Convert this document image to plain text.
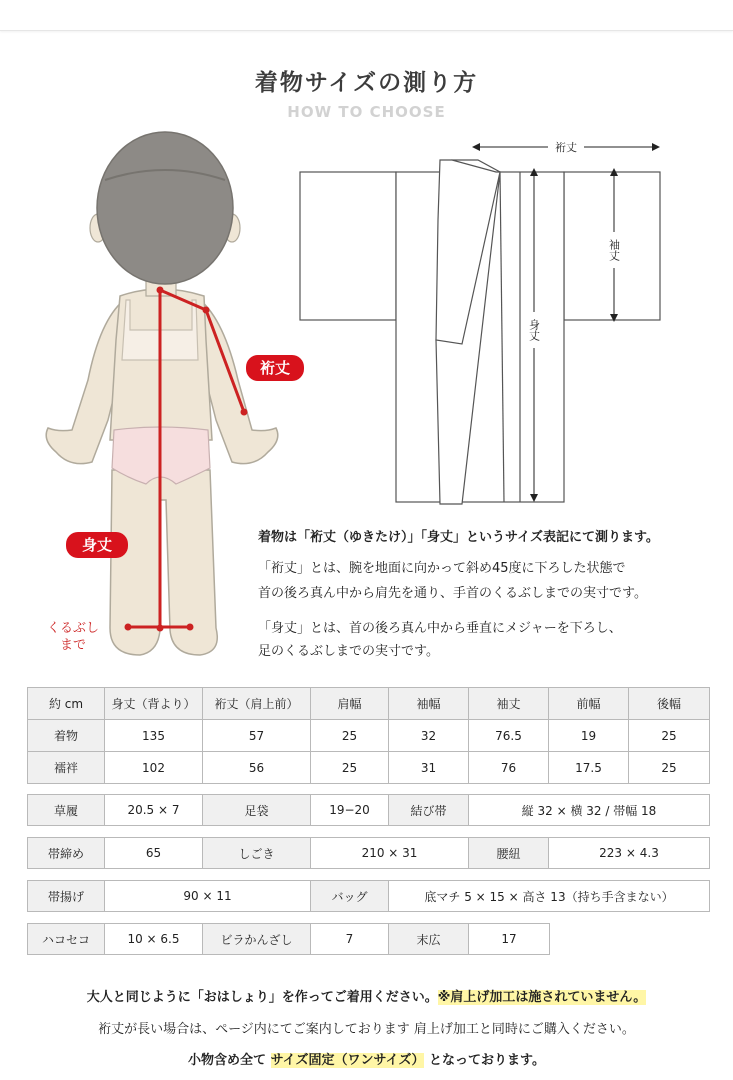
着物サイズの測り方
HOW TO CHOOSE
裄丈
袖丈
身丈
裄丈
身丈
くるぶし
まで
着物は「裄丈（ゆきたけ）」「身丈」というサイズ表記にて測ります。
「裄丈」とは、腕を地面に向かって斜め45度に下ろした状態で
首の後ろ真ん中から肩先を通り、手首のくるぶしまでの実寸です。
「身丈」とは、首の後ろ真ん中から垂直にメジャーを下ろし、
足のくるぶしまでの実寸です。
約 cm	身丈（背より）	裄丈（肩上前）	肩幅	袖幅	袖丈	前幅	後幅
着物	135	57	25	32	76.5	19	25
襦袢	102	56	25	31	76	17.5	25
草履	20.5 × 7	足袋	19−20	結び帯	縦 32 × 横 32 / 帯幅 18
帯締め	65	しごき	210 × 31	腰紐	223 × 4.3
帯揚げ	90 × 11	バッグ	底マチ 5 × 15 × 高さ 13（持ち手含まない）
ハコセコ	10 × 6.5	ビラかんざし	7	末広	17
大人と同じように「おはしょり」を作ってご着用ください。※肩上げ加工は施されていません。
裄丈が長い場合は、ページ内にてご案内しております 肩上げ加工と同時にご購入ください。
小物含め全て サイズ固定（ワンサイズ） となっております。
